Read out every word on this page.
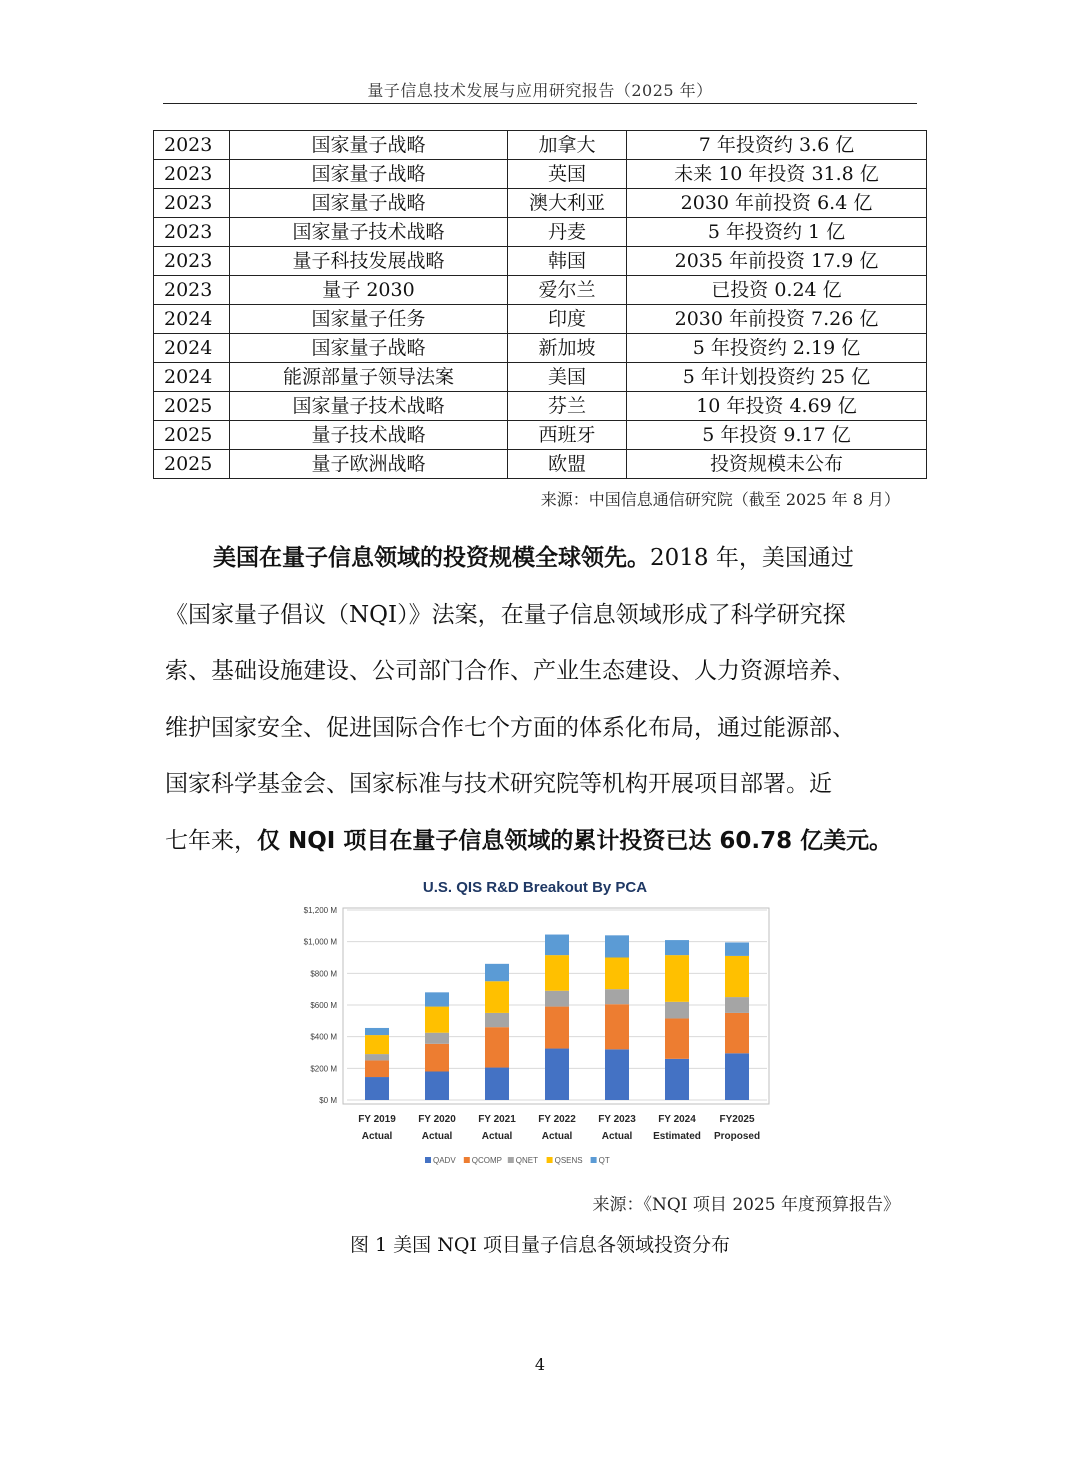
量子信息技术发展与应用研究报告（2025 年）
2023	国家量子战略	加拿大	7 年投资约 3.6 亿
2023	国家量子战略	英国	未来 10 年投资 31.8 亿
2023	国家量子战略	澳大利亚	2030 年前投资 6.4 亿
2023	国家量子技术战略	丹麦	5 年投资约 1 亿
2023	量子科技发展战略	韩国	2035 年前投资 17.9 亿
2023	量子 2030	爱尔兰	已投资 0.24 亿
2024	国家量子任务	印度	2030 年前投资 7.26 亿
2024	国家量子战略	新加坡	5 年投资约 2.19 亿
2024	能源部量子领导法案	美国	5 年计划投资约 25 亿
2025	国家量子技术战略	芬兰	10 年投资 4.69 亿
2025	量子技术战略	西班牙	5 年投资 9.17 亿
2025	量子欧洲战略	欧盟	投资规模未公布
来源：中国信息通信研究院（截至 2025 年 8 月）
美国在量子信息领域的投资规模全球领先。2018 年，美国通过
《国家量子倡议（NQI）》法案，在量子信息领域形成了科学研究探
索、基础设施建设、公司部门合作、产业生态建设、人力资源培养、
维护国家安全、促进国际合作七个方面的体系化布局，通过能源部、
国家科学基金会、国家标准与技术研究院等机构开展项目部署。近
七年来，仅 NQI 项目在量子信息领域的累计投资已达 60.78 亿美元。
U.S. QIS R&D Breakout By PCA
$0 M
$200 M
$400 M
$600 M
$800 M
$1,000 M
$1,200 M
FY 2019
Actual
FY 2020
Actual
FY 2021
Actual
FY 2022
Actual
FY 2023
Actual
FY 2024
Estimated
FY2025
Proposed
QADV QCOMP QNET QSENS QT
来源：《NQI 项目 2025 年度预算报告》
图 1 美国 NQI 项目量子信息各领域投资分布
4
